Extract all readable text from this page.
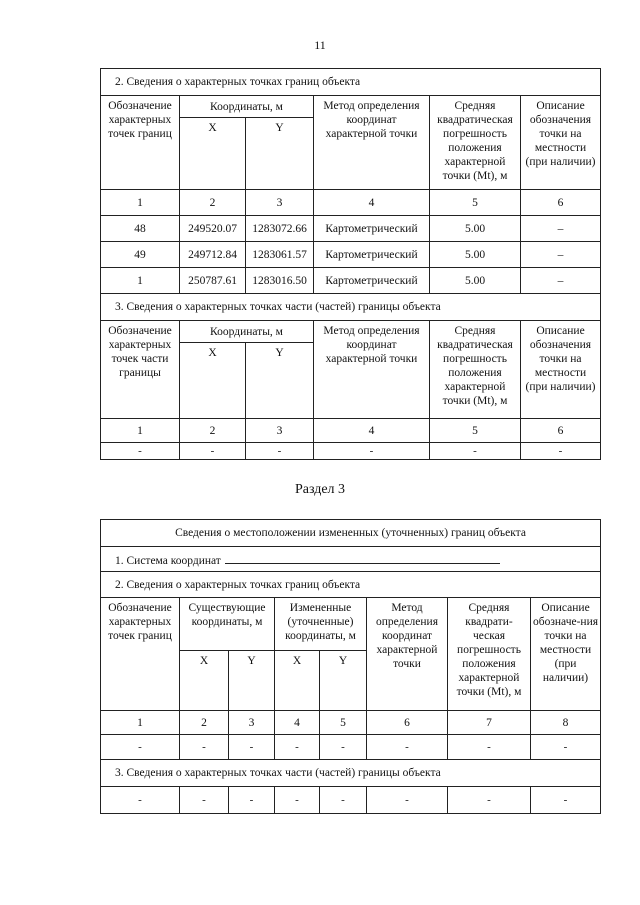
11
2. Сведения о характерных точках границ объекта					
Обозначение характерных точек границ	Координаты, м		Метод определения координат характерной точки	Средняя квадратическая погрешность положения характерной точки (Mt), м	Описание обозначения точки на местности (при наличии)
	X	Y			
1	2	3	4	5	6
48	249520.07	1283072.66	Картометрический	5.00	–
49	249712.84	1283061.57	Картометрический	5.00	–
1	250787.61	1283016.50	Картометрический	5.00	–
3. Сведения о характерных точках части (частей) границы объекта					
Обозначение характерных точек части границы	Координаты, м		Метод определения координат характерной точки	Средняя квадратическая погрешность положения характерной точки (Mt), м	Описание обозначения точки на местности (при наличии)
	X	Y			
1	2	3	4	5	6
-	-	-	-	-	-
Раздел 3
Сведения о местоположении измененных (уточненных) границ объекта							
1. Система координат							
2. Сведения о характерных точках границ объекта							
Обозначение характерных точек границ	Существующие координаты, м		Измененные (уточненные) координаты, м		Метод определения координат характерной точки	Средняя квадрати-ческая погрешность положения характерной точки (Mt), м	Описание обозначе-ния точки на местности (при наличии)
	X	Y	X	Y			
1	2	3	4	5	6	7	8
-	-	-	-	-	-	-	-
3. Сведения о характерных точках части (частей) границы объекта							
-	-	-	-	-	-	-	-
